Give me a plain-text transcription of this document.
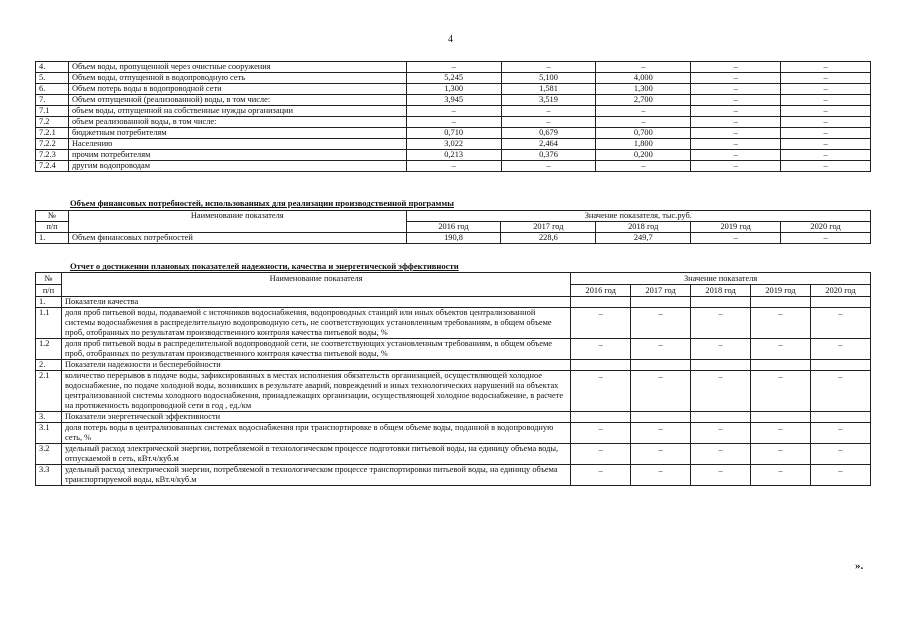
4
4.	Объем воды, пропущенной через очистные сооружения	–	–	–	–	–
5.	Объем воды, отпущенной в водопроводную сеть	5,245	5,100	4,000	–	–
6.	Объем потерь воды в водопроводной сети	1,300	1,581	1,300	–	–
7.	Объем отпущенной (реализованной) воды, в том числе:	3,945	3,519	2,700	–	–
7.1	объем воды, отпущенной на собственные нужды организации	–	–	–	–	–
7.2	объем реализованной воды, в том числе:	–	–	–	–	–
7.2.1	бюджетным потребителям	0,710	0,679	0,700	–	–
7.2.2	Населению	3,022	2,464	1,800	–	–
7.2.3	прочим потребителям	0,213	0,376	0,200	–	–
7.2.4	другим водопроводам	–	–	–	–	–
Объем финансовых потребностей, использованных для реализации производственной программы
№	Наименование показателя	Значение показателя, тыс.руб.				
п/п		2016 год	2017 год	2018 год	2019 год	2020 год
1.	Объем финансовых потребностей	190,8	228,6	249,7	–	–
Отчет о достижении плановых показателей надежности, качества и энергетической эффективности
№	Наименование показателя	Значение показателя				
п/п		2016 год	2017 год	2018 год	2019 год	2020 год
1.	Показатели качества					
1.1	доля проб питьевой воды, подаваемой с источников водоснабжения, водопроводных станций или иных объектов централизованной системы водоснабжения в распределительную водопроводную сеть, не соответствующих установленным требованиям, в общем объеме проб, отобранных по результатам производственного контроля качества питьевой воды, %	–	–	–	–	–
1.2	доля проб питьевой воды в распределительной водопроводной сети, не соответствующих установленным требованиям, в общем объеме проб, отобранных по результатам производственного контроля качества питьевой воды, %	–	–	–	–	–
2.	Показатели надежности и бесперебойности					
2.1	количество перерывов в подаче воды, зафиксированных в местах исполнения обязательств организацией, осуществляющей холодное водоснабжение, по подаче холодной воды, возникших в результате аварий, повреждений и иных технологических нарушений на объектах централизованной системы холодного водоснабжения, принадлежащих организации, осуществляющей холодное водоснабжение, в расчете на протяженность водопроводной сети в год , ед./км	–	–	–	–	–
3.	Показатели энергетической эффективности					
3.1	доля потерь воды в централизованных системах водоснабжения при транспортировке в общем объеме воды, поданной в водопроводную сеть, %	–	–	–	–	–
3.2	удельный расход электрической энергии, потребляемой в технологическом процессе подготовки питьевой воды, на единицу объема воды, отпускаемой в сеть, кВт.ч/куб.м	–	–	–	–	–
3.3	удельный расход электрической энергии, потребляемой в технологическом процессе транспортировки питьевой воды, на единицу объема транспортируемой воды, кВт.ч/куб.м	–	–	–	–	–
».
